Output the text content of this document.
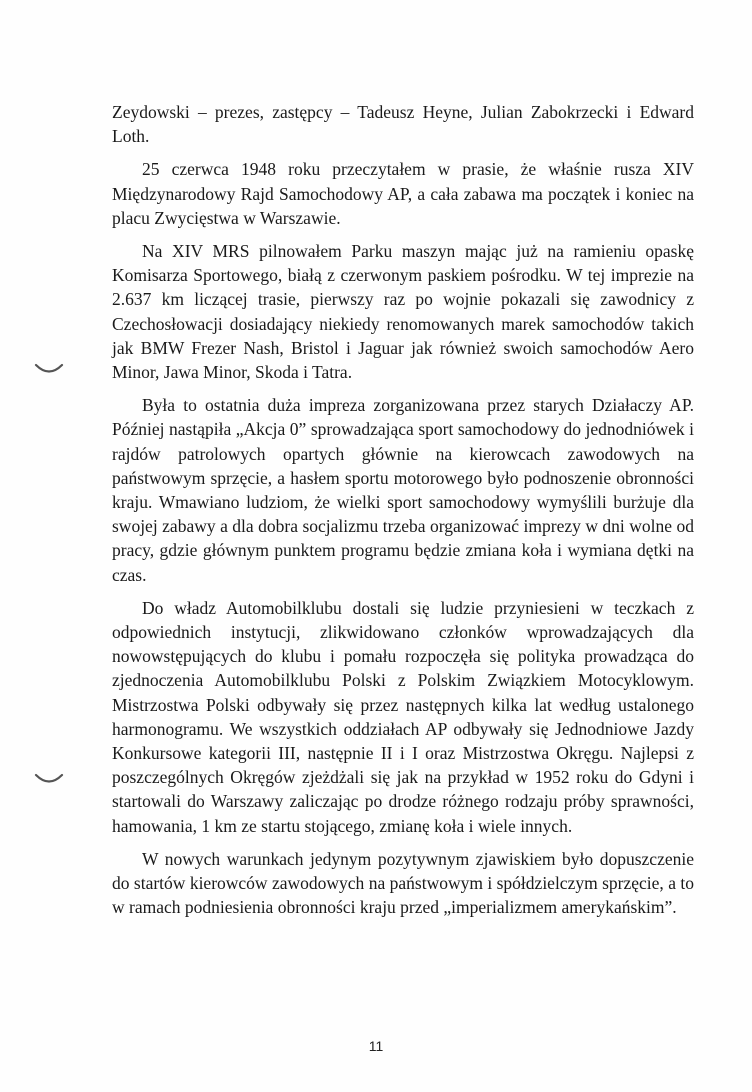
Zeydowski – prezes, zastępcy – Tadeusz Heyne, Julian Zabokrzecki i Edward Loth.

25 czerwca 1948 roku przeczytałem w prasie, że właśnie rusza XIV Międzynarodowy Rajd Samochodowy AP, a cała zabawa ma początek i koniec na placu Zwycięstwa w Warszawie.

Na XIV MRS pilnowałem Parku maszyn mając już na ramieniu opaskę Komisarza Sportowego, białą z czerwonym paskiem pośrodku. W tej imprezie na 2.637 km liczącej trasie, pierwszy raz po wojnie pokazali się zawodnicy z Czechosłowacji dosiadający niekiedy renomowanych marek samochodów takich jak BMW Frezer Nash, Bristol i Jaguar jak również swoich samochodów Aero Minor, Jawa Minor, Skoda i Tatra.

Była to ostatnia duża impreza zorganizowana przez starych Działaczy AP. Później nastąpiła „Akcja 0” sprowadzająca sport samochodowy do jednodniówek i rajdów patrolowych opartych głównie na kierowcach zawodowych na państwowym sprzęcie, a hasłem sportu motorowego było podnoszenie obronności kraju. Wmawiano ludziom, że wielki sport samochodowy wymyślili burżuje dla swojej zabawy a dla dobra socjalizmu trzeba organizować imprezy w dni wolne od pracy, gdzie głównym punktem programu będzie zmiana koła i wymiana dętki na czas.

Do władz Automobilklubu dostali się ludzie przyniesieni w teczkach z odpowiednich instytucji, zlikwidowano członków wprowadzających dla nowowstępujących do klubu i pomału rozpoczęła się polityka prowadząca do zjednoczenia Automobilklubu Polski z Polskim Związkiem Motocyklowym. Mistrzostwa Polski odbywały się przez następnych kilka lat według ustalonego harmonogramu. We wszystkich oddziałach AP odbywały się Jednodniowe Jazdy Konkursowe kategorii III, następnie II i I oraz Mistrzostwa Okręgu. Najlepsi z poszczególnych Okręgów zjeżdżali się jak na przykład w 1952 roku do Gdyni i startowali do Warszawy zaliczając po drodze różnego rodzaju próby sprawności, hamowania, 1 km ze startu stojącego, zmianę koła i wiele innych.

W nowych warunkach jedynym pozytywnym zjawiskiem było dopuszczenie do startów kierowców zawodowych na państwowym i spółdzielczym sprzęcie, a to w ramach podniesienia obronności kraju przed „imperializmem amerykańskim”.

11
